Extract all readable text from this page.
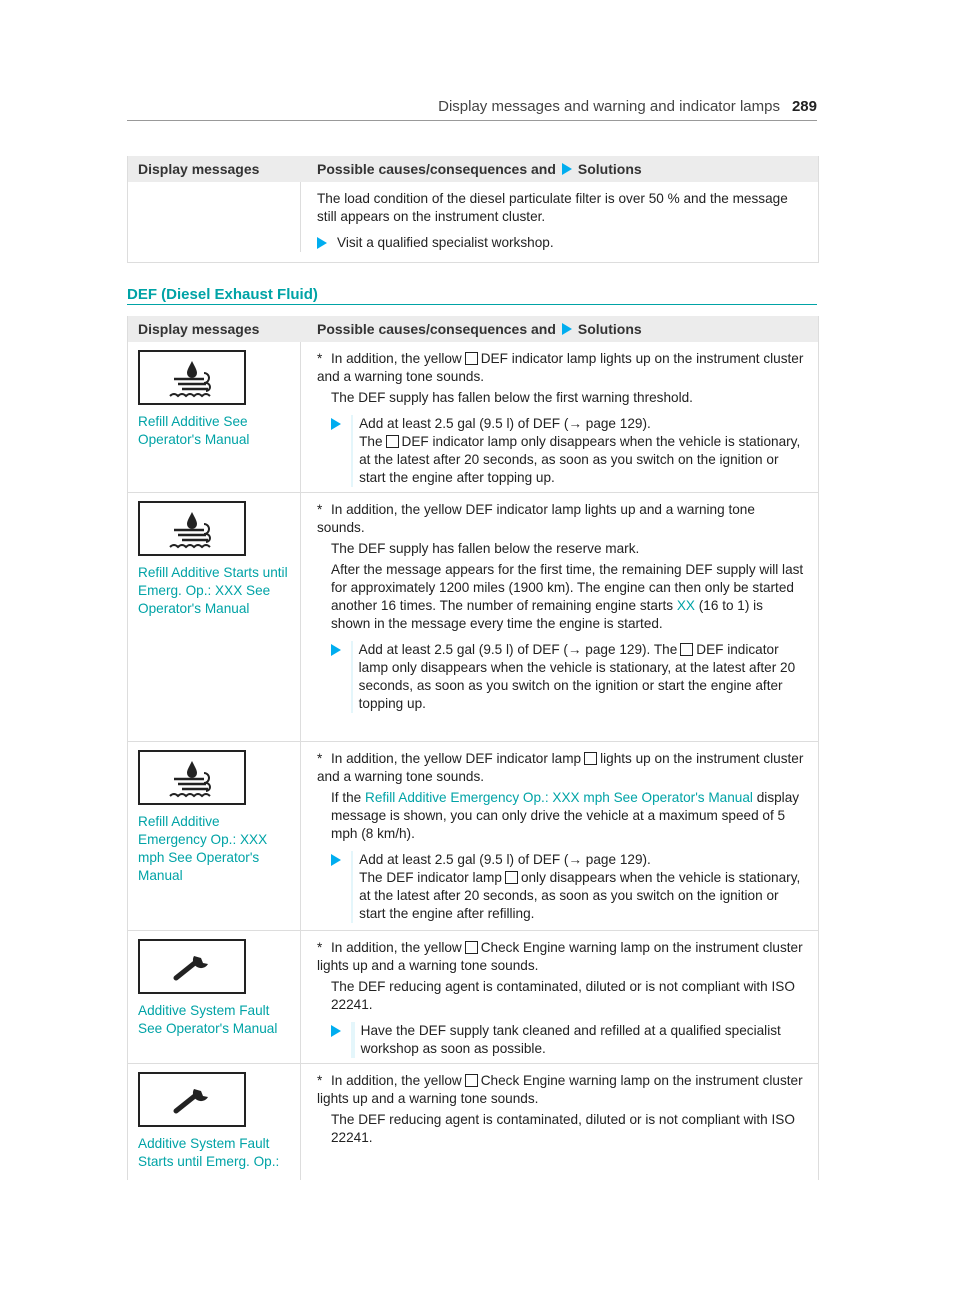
Display messages and warning and indicator lamps 289
Display messages	Possible causes/consequences and Solutions

The load condition of the diesel particulate filter is over 50 % and the message still appears on the instrument cluster.

Visit a qualified specialist workshop.
DEF (Diesel Exhaust Fluid)
Display messages	Possible causes/consequences and Solutions
Refill Additive See Operator's Manual

* In addition, the yellow DEF indicator lamp lights up on the instrument cluster and a warning tone sounds.

The DEF supply has fallen below the first warning threshold.

Add at least 2.5 gal (9.5 l) of DEF (→ page 129).
The DEF indicator lamp only disappears when the vehicle is stationary, at the latest after 20 seconds, as soon as you switch on the ignition or start the engine after topping up.
Refill Additive Starts until Emerg. Op.: XXX See Operator's Manual

* In addition, the yellow DEF indicator lamp lights up and a warning tone sounds.

The DEF supply has fallen below the reserve mark.

After the message appears for the first time, the remaining DEF supply will last for approximately 1200 miles (1900 km). The engine can then only be started another 16 times. The number of remaining engine starts XX (16 to 1) is shown in the message every time the engine is started.

Add at least 2.5 gal (9.5 l) of DEF (→ page 129). The DEF indicator lamp only disappears when the vehicle is stationary, at the latest after 20 seconds, as soon as you switch on the ignition or start the engine after topping up.
Refill Additive Emergency Op.: XXX mph See Operator's Manual

* In addition, the yellow DEF indicator lamp lights up on the instrument cluster and a warning tone sounds.

If the Refill Additive Emergency Op.: XXX mph See Operator's Manual display message is shown, you can only drive the vehicle at a maximum speed of 5 mph (8 km/h).

Add at least 2.5 gal (9.5 l) of DEF (→ page 129).
The DEF indicator lamp only disappears when the vehicle is stationary, at the latest after 20 seconds, as soon as you switch on the ignition or start the engine after refilling.
Additive System Fault See Operator's Manual

* In addition, the yellow Check Engine warning lamp on the instrument cluster lights up and a warning tone sounds.

The DEF reducing agent is contaminated, diluted or is not compliant with ISO 22241.

Have the DEF supply tank cleaned and refilled at a qualified specialist workshop as soon as possible.
Additive System Fault Starts until Emerg. Op.:

* In addition, the yellow Check Engine warning lamp on the instrument cluster lights up and a warning tone sounds.

The DEF reducing agent is contaminated, diluted or is not compliant with ISO 22241.
